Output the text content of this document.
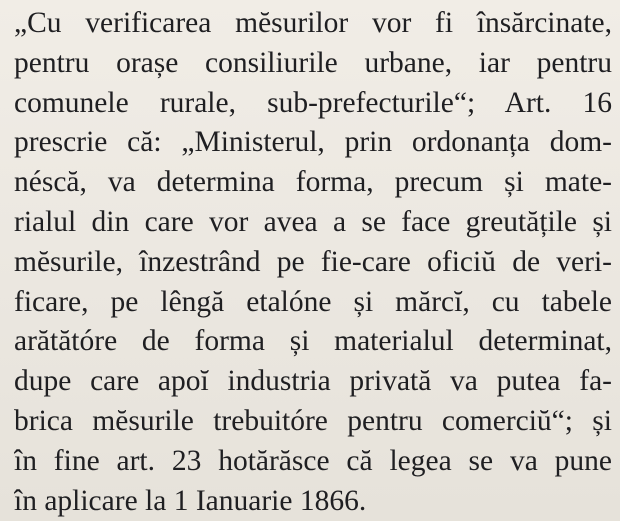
„Cu verificarea mĕsurilor vor fi însărcinate,
pentru orașe consiliurile urbane, iar pentru
comunele rurale, sub-prefecturile“; Art. 16
prescrie că: „Ministerul, prin ordonanța dom-
néscă, va determina forma, precum și mate-
rialul din care vor avea a se face greutățile și
mĕsurile, înzestrând pe fie-care oficiŭ de veri-
ficare, pe lêngă etalóne și mărcĭ, cu tabele
arătătóre de forma și materialul determinat,
dupe care apoĭ industria privată va putea fa-
brica mĕsurile trebuitóre pentru comerciŭ“; și
în fine art. 23 hotărăsce că legea se va pune
în aplicare la 1 Ianuarie 1866.
